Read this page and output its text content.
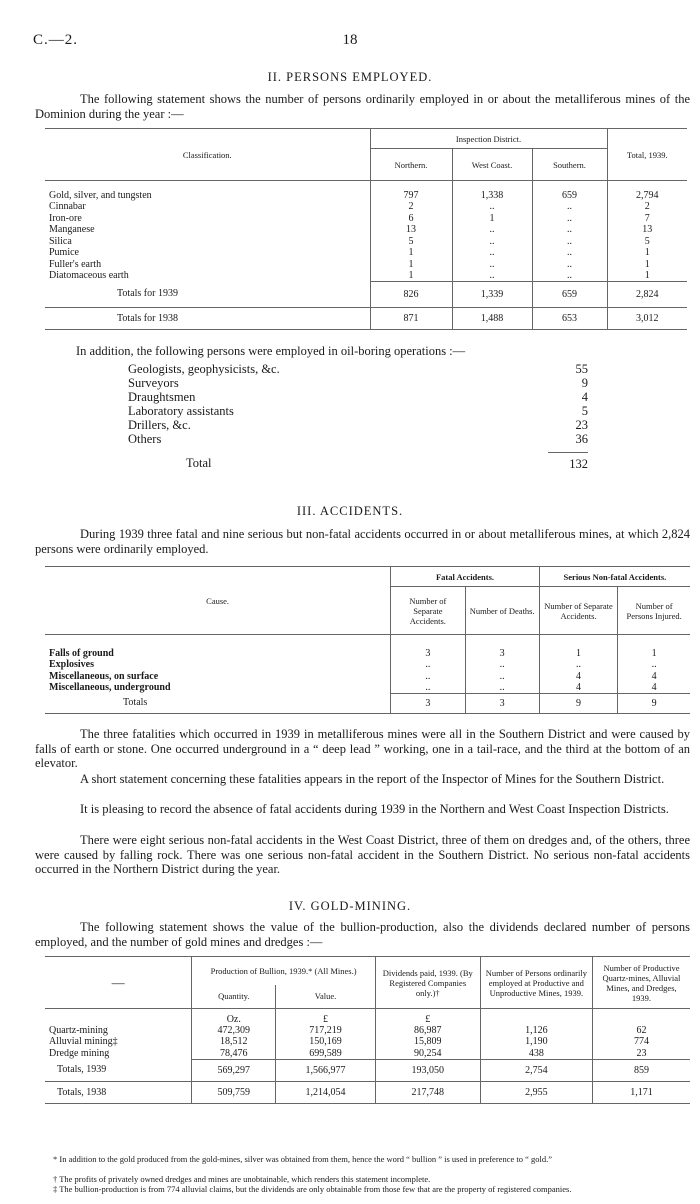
C.—2.	18
II. PERSONS EMPLOYED.

The following statement shows the number of persons ordinarily employed in or about the metalliferous mines of the Dominion during the year :—

Classification.	Inspection District.			Total, 1939.
	Northern.	West Coast.	Southern.	
Gold, silver, and tungsten	797	1,338	659	2,794
Cinnabar	2	..	..	2
Iron-ore	6	1	..	7
Manganese	13	..	..	13
Silica	5	..	..	5
Pumice	1	..	..	1
Fuller's earth	1	..	..	1
Diatomaceous earth	1	..	..	1
Totals for 1939	826	1,339	659	2,824
Totals for 1938	871	1,488	653	3,012

In addition, the following persons were employed in oil-boring operations :—

Geologists, geophysicists, &c.	55
Surveyors	9
Draughtsmen	4
Laboratory assistants	5
Drillers, &c.	23
Others	36
Total	132
III. ACCIDENTS.

During 1939 three fatal and nine serious but non-fatal accidents occurred in or about metalliferous mines, at which 2,824 persons were ordinarily employed.

Cause.	Fatal Accidents.		Serious Non-fatal Accidents.	
	Number of Separate Accidents.	Number of Deaths.	Number of Separate Accidents.	Number of Persons Injured.
Falls of ground	3	3	1	1
Explosives	..	..	..	..
Miscellaneous, on surface	..	..	4	4
Miscellaneous, underground	..	..	4	4
Totals	3	3	9	9

The three fatalities which occurred in 1939 in metalliferous mines were all in the Southern District and were caused by falls of earth or stone. One occurred underground in a “ deep lead ” working, one in a tail-race, and the third at the bottom of an elevator.

A short statement concerning these fatalities appears in the report of the Inspector of Mines for the Southern District.

It is pleasing to record the absence of fatal accidents during 1939 in the Northern and West Coast Inspection Districts.

There were eight serious non-fatal accidents in the West Coast District, three of them on dredges and, of the others, three were caused by falling rock. There was one serious non-fatal accident in the Southern District. No serious non-fatal accidents occurred in the Northern District during the year.

IV. GOLD-MINING.

The following statement shows the value of the bullion-production, also the dividends declared number of persons employed, and the number of gold mines and dredges :—

—	Production of Bullion, 1939.* (All Mines.)		Dividends paid, 1939. (By Registered Companies only.)†	Number of Persons ordinarily employed at Productive and Unproductive Mines, 1939.	Number of Productive Quartz-mines, Alluvial Mines, and Dredges, 1939.
	Quantity.	Value.			
	Oz.	£	£		
Quartz-mining	472,309	717,219	86,987	1,126	62
Alluvial mining‡	18,512	150,169	15,809	1,190	774
Dredge mining	78,476	699,589	90,254	438	23
Totals, 1939	569,297	1,566,977	193,050	2,754	859
Totals, 1938	509,759	1,214,054	217,748	2,955	1,171

* In addition to the gold produced from the gold-mines, silver was obtained from them, hence the word “ bullion ” is used in preference to “ gold.”

† The profits of privately owned dredges and mines are unobtainable, which renders this statement incomplete.

‡ The bullion-production is from 774 alluvial claims, but the dividends are only obtainable from those few that are the property of registered companies.
